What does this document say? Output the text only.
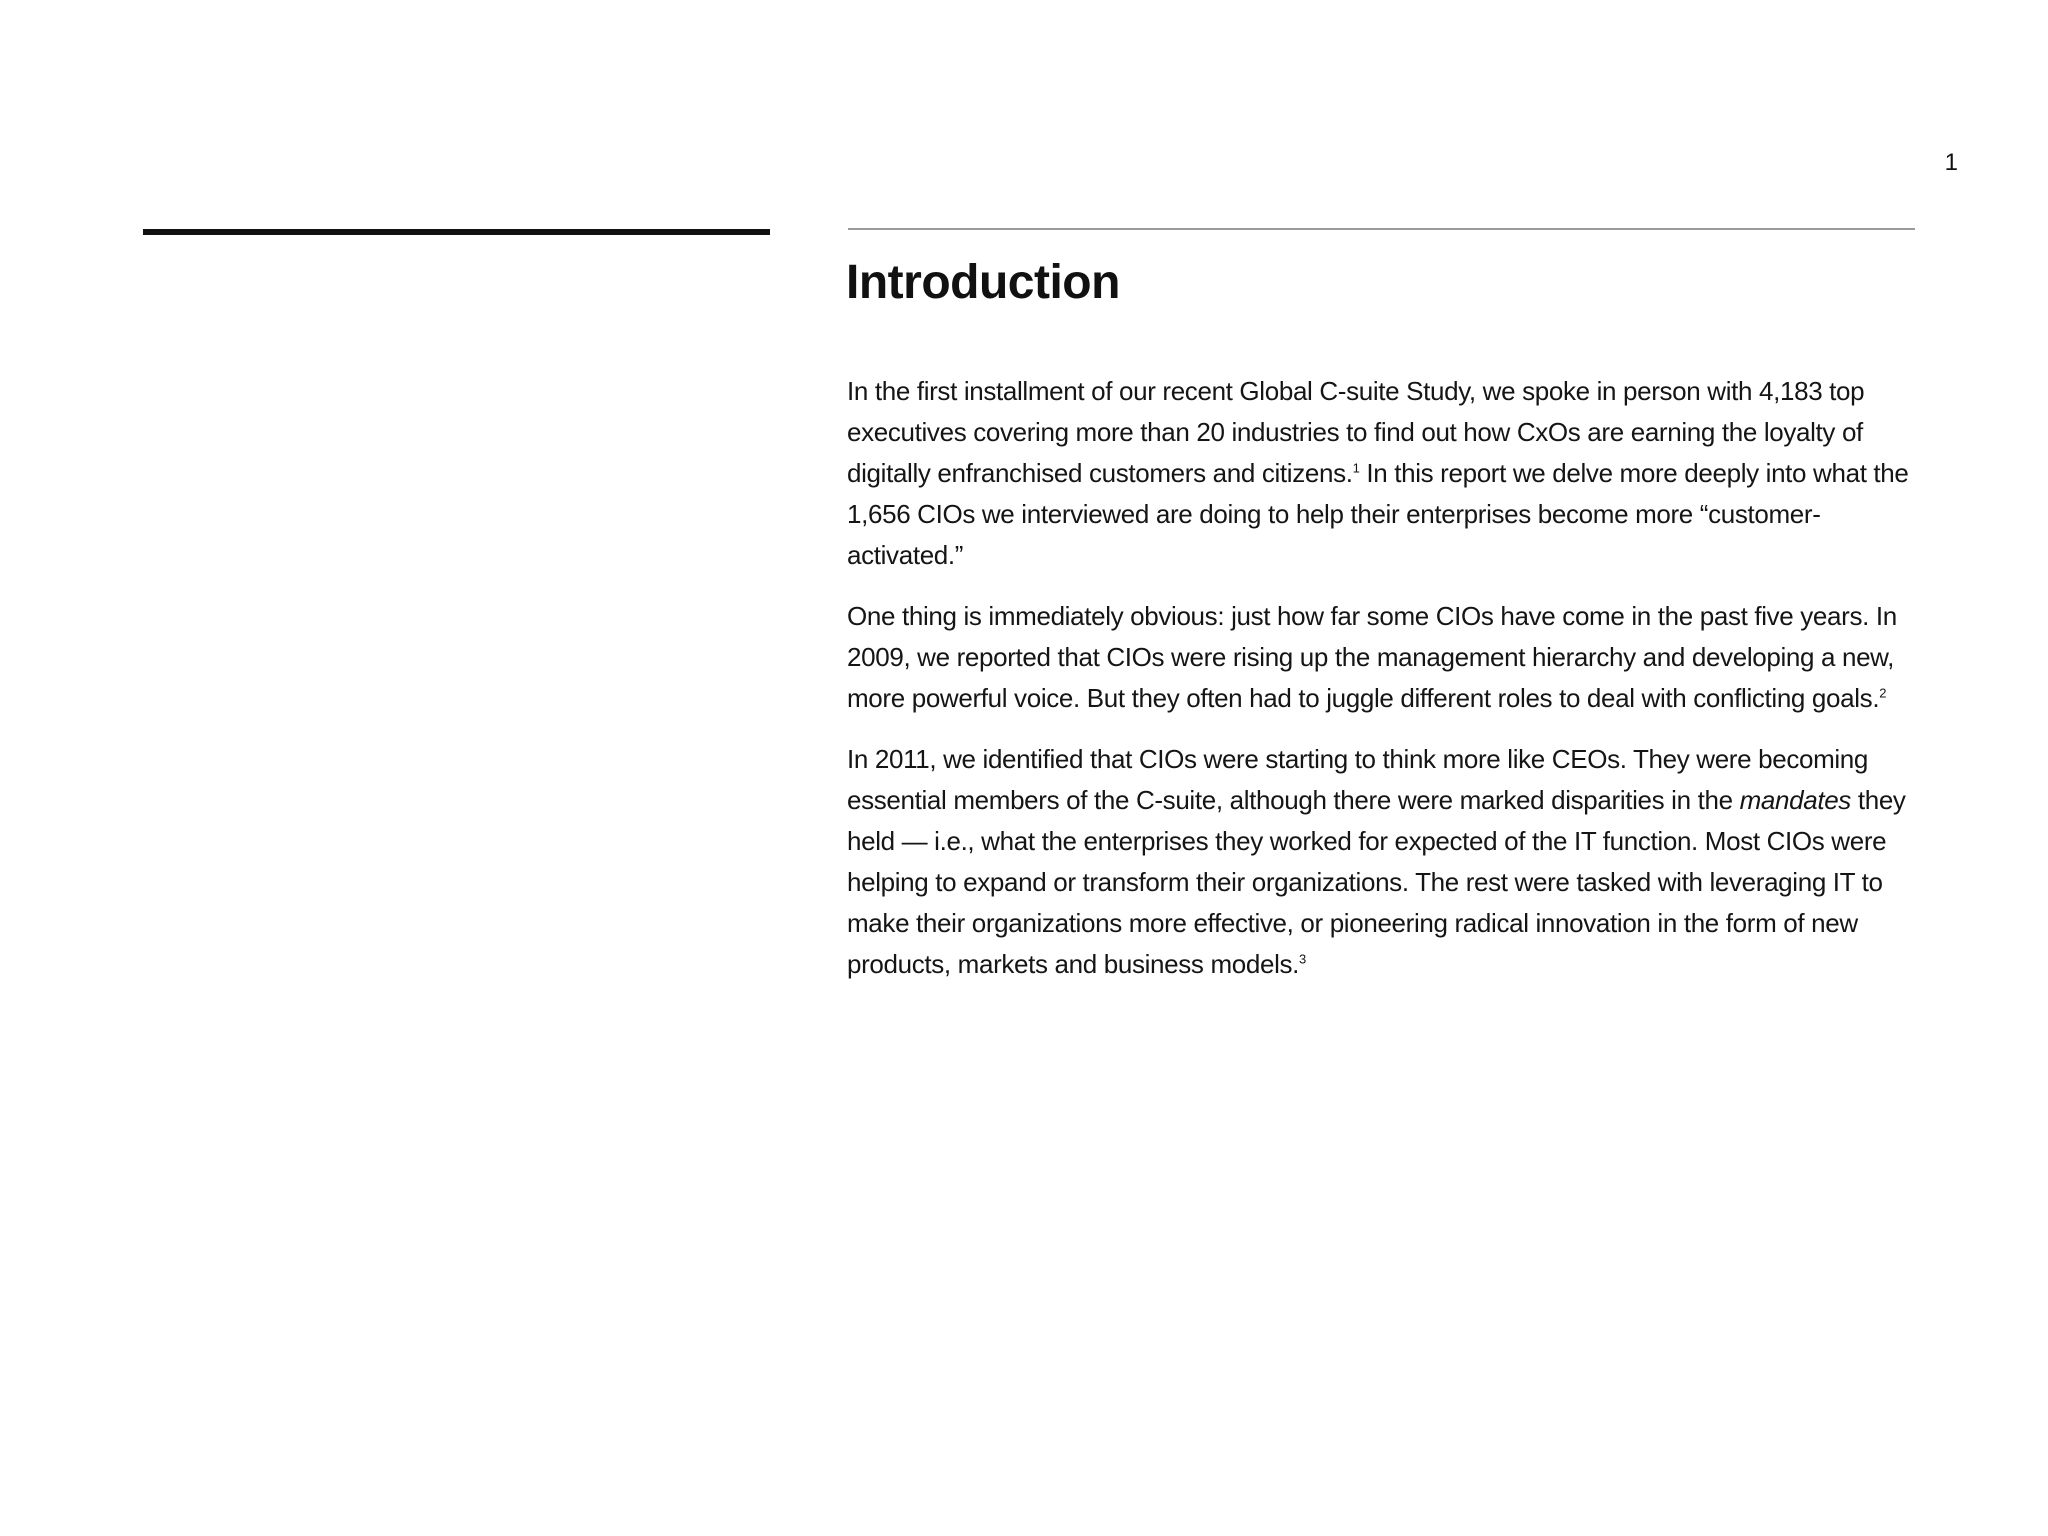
1
Introduction

In the first installment of our recent Global C-suite Study, we spoke in person with 4,183 top executives covering more than 20 industries to find out how CxOs are earning the loyalty of digitally enfranchised customers and citizens.$^1$ In this report we delve more deeply into what the 1,656 CIOs we interviewed are doing to help their enterprises become more “customer-activated.”

One thing is immediately obvious: just how far some CIOs have come in the past five years. In 2009, we reported that CIOs were rising up the management hierarchy and developing a new, more powerful voice. But they often had to juggle different roles to deal with conflicting goals.$^2$

In 2011, we identified that CIOs were starting to think more like CEOs. They were becoming essential members of the C-suite, although there were marked disparities in the mandates they held — i.e., what the enterprises they worked for expected of the IT function. Most CIOs were helping to expand or transform their organizations. The rest were tasked with leveraging IT to make their organizations more effective, or pioneering radical innovation in the form of new products, markets and business models.$^3$
